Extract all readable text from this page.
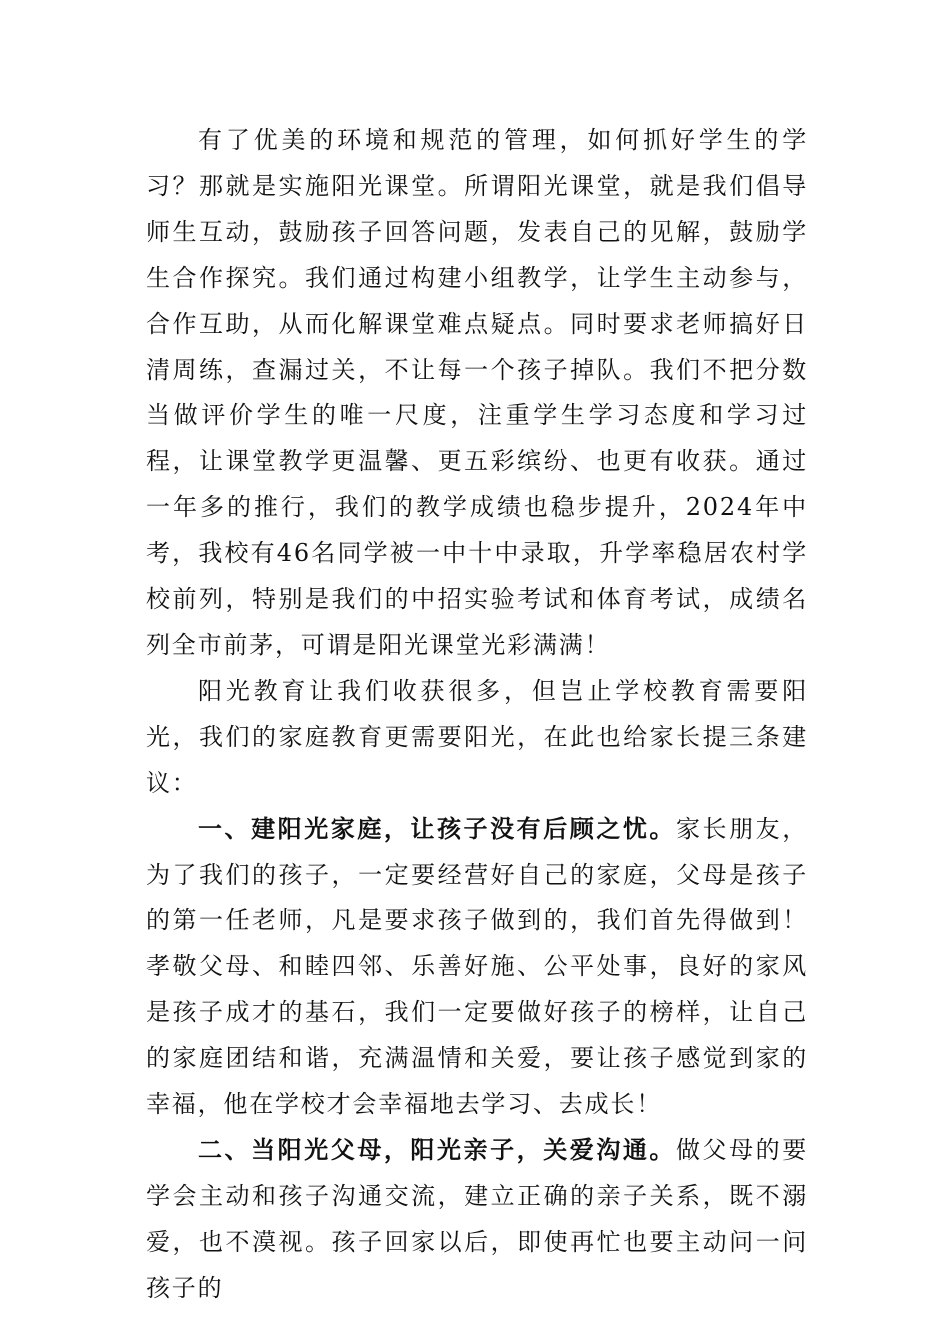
有了优美的环境和规范的管理，如何抓好学生的学习？那就是实施阳光课堂。所谓阳光课堂，就是我们倡导师生互动，鼓励孩子回答问题，发表自己的见解，鼓励学生合作探究。我们通过构建小组教学，让学生主动参与，合作互助，从而化解课堂难点疑点。同时要求老师搞好日清周练，查漏过关，不让每一个孩子掉队。我们不把分数当做评价学生的唯一尺度，注重学生学习态度和学习过程，让课堂教学更温馨、更五彩缤纷、也更有收获。通过一年多的推行，我们的教学成绩也稳步提升，2024年中考，我校有46名同学被一中十中录取，升学率稳居农村学校前列，特别是我们的中招实验考试和体育考试，成绩名列全市前茅，可谓是阳光课堂光彩满满！

阳光教育让我们收获很多，但岂止学校教育需要阳光，我们的家庭教育更需要阳光，在此也给家长提三条建议：

一、建阳光家庭，让孩子没有后顾之忧。家长朋友，为了我们的孩子，一定要经营好自己的家庭，父母是孩子的第一任老师，凡是要求孩子做到的，我们首先得做到！孝敬父母、和睦四邻、乐善好施、公平处事，良好的家风是孩子成才的基石，我们一定要做好孩子的榜样，让自己的家庭团结和谐，充满温情和关爱，要让孩子感觉到家的幸福，他在学校才会幸福地去学习、去成长！

二、当阳光父母，阳光亲子，关爱沟通。做父母的要学会主动和孩子沟通交流，建立正确的亲子关系，既不溺爱，也不漠视。孩子回家以后，即使再忙也要主动问一问孩子的
